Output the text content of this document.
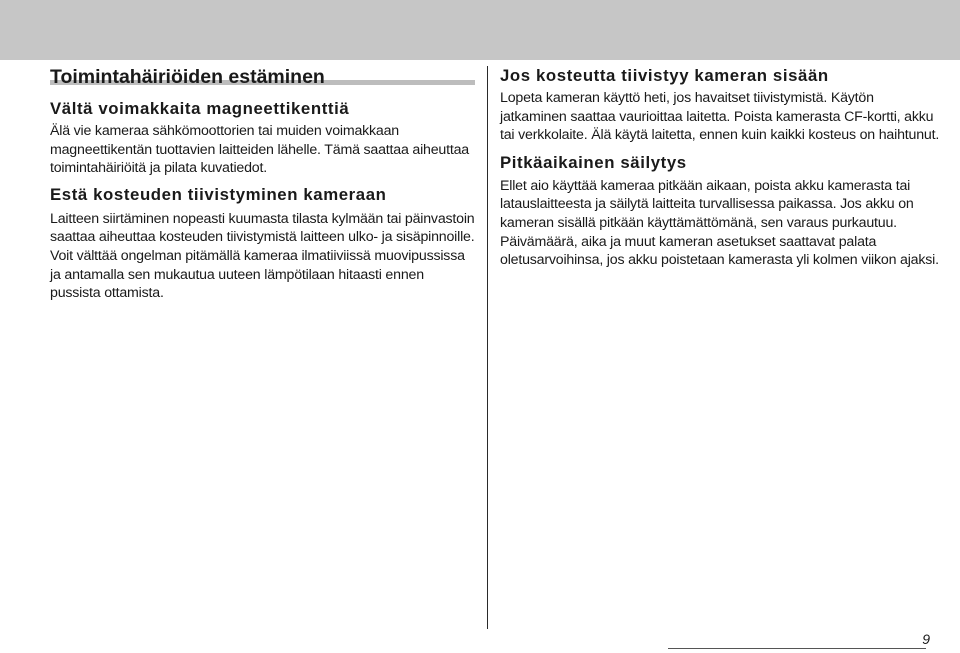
Toimintahäiriöiden estäminen
Vältä voimakkaita magneettikenttiä

Älä vie kameraa sähkömoottorien tai muiden voimakkaan magneettikentän tuottavien laitteiden lähelle. Tämä saattaa aiheuttaa toimintahäiriöitä ja pilata kuvatiedot.

Estä kosteuden tiivistyminen kameraan

Laitteen siirtäminen nopeasti kuumasta tilasta kylmään tai päinvastoin saattaa aiheuttaa kosteuden tiivistymistä laitteen ulko- ja sisäpinnoille.

Voit välttää ongelman pitämällä kameraa ilmatiiviissä muovipussissa ja antamalla sen mukautua uuteen lämpötilaan hitaasti ennen pussista ottamista.

Jos kosteutta tiivistyy kameran sisään

Lopeta kameran käyttö heti, jos havaitset tiivistymistä. Käytön jatkaminen saattaa vaurioittaa laitetta. Poista kamerasta CF-kortti, akku tai verkkolaite. Älä käytä laitetta, ennen kuin kaikki kosteus on haihtunut.

Pitkäaikainen säilytys

Ellet aio käyttää kameraa pitkään aikaan, poista akku kamerasta tai latauslaitteesta ja säilytä laitteita turvallisessa paikassa. Jos akku on kameran sisällä pitkään käyttämättömänä, sen varaus purkautuu. Päivämäärä, aika ja muut kameran asetukset saattavat palata oletusarvoihinsa, jos akku poistetaan kamerasta yli kolmen viikon ajaksi.

9
